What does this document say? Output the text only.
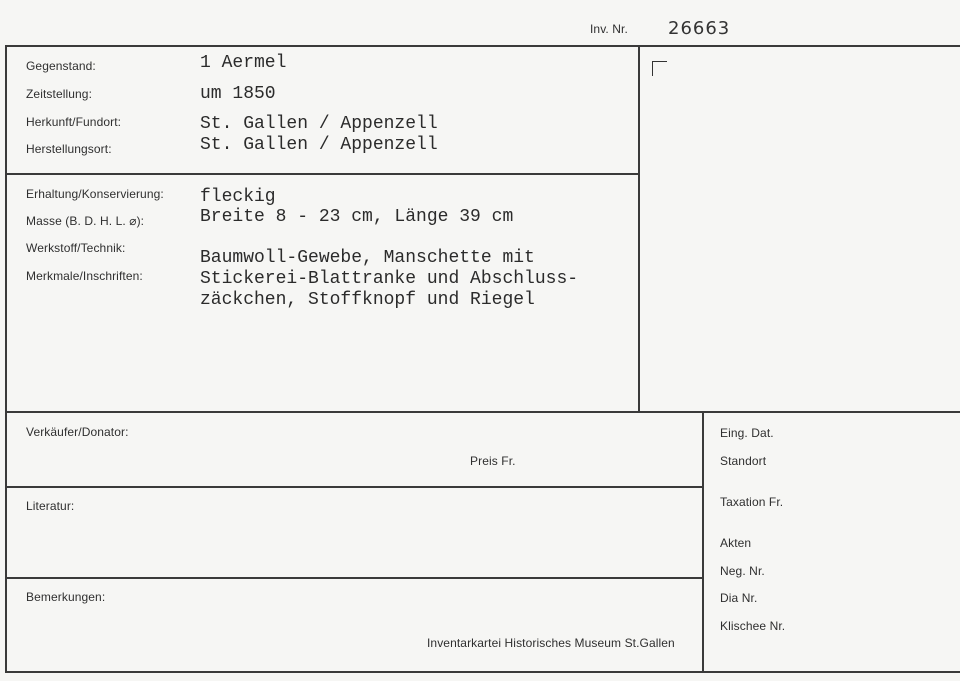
Inv. Nr. 26663
Gegenstand:
Zeitstellung:
Herkunft/Fundort:
Herstellungsort:
1 Aermel
um 1850
St. Gallen / Appenzell
St. Gallen / Appenzell
Erhaltung/Konservierung:
Masse (B. D. H. L. ⌀):
Werkstoff/Technik:
Merkmale/Inschriften:
fleckig
Breite 8 - 23 cm, Länge 39 cm
Baumwoll-Gewebe, Manschette mit
Stickerei-Blattranke und Abschluss-
zäckchen, Stoffknopf und Riegel
Verkäufer/Donator:
Preis Fr.
Literatur:
Bemerkungen:
Inventarkartei Historisches Museum St.Gallen
Eing. Dat.
Standort
Taxation Fr.
Akten
Neg. Nr.
Dia Nr.
Klischee Nr.
